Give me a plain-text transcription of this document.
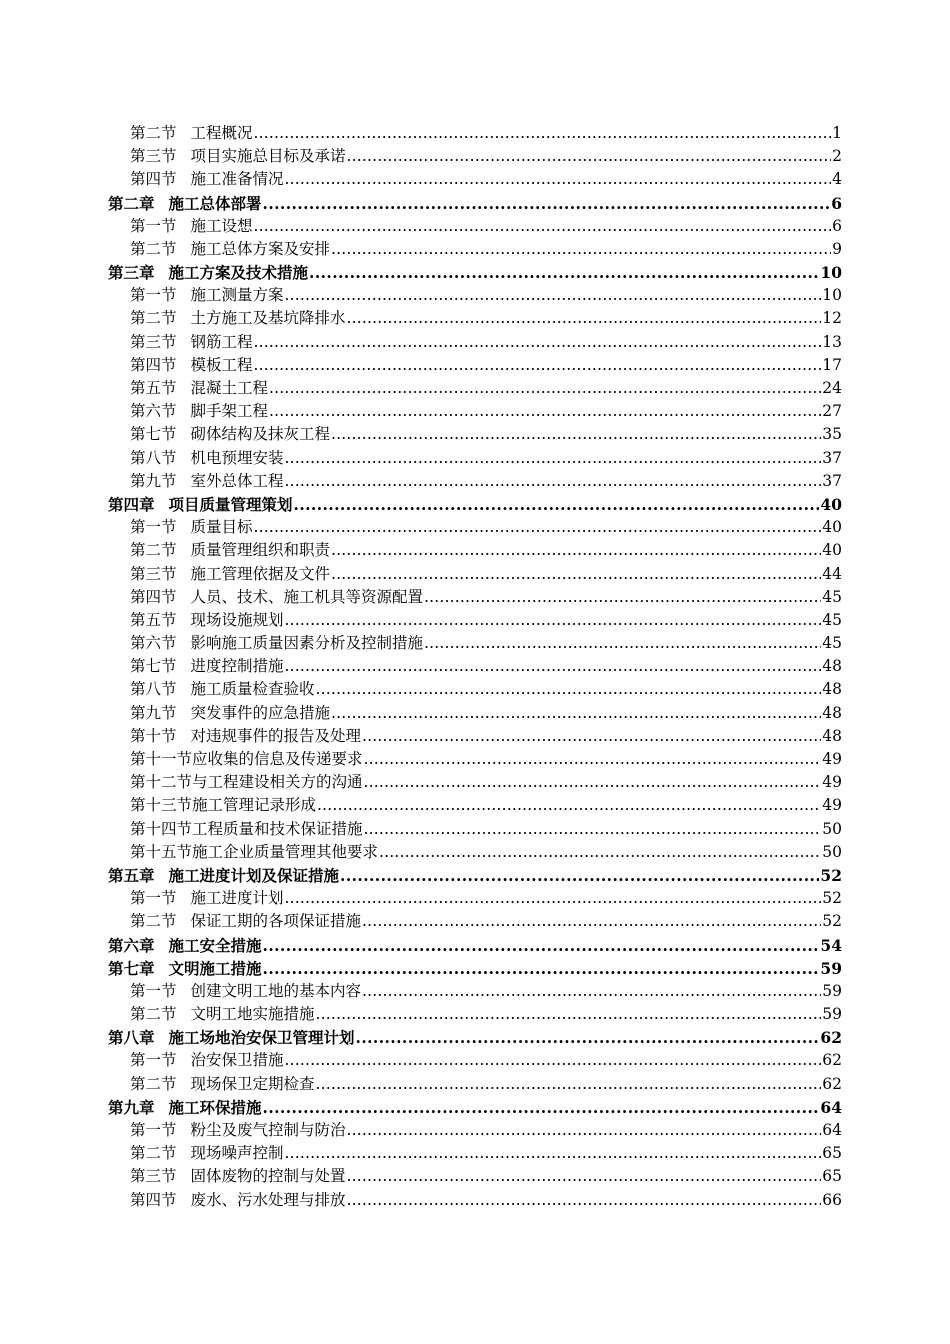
第二节 工程概况 .....	1
第三节 项目实施总目标及承诺 .....	2
第四节 施工准备情况 .....	4
第二章 施工总体部署 .....	6
第一节 施工设想 .....	6
第二节 施工总体方案及安排 .....	9
第三章 施工方案及技术措施 .....	10
第一节 施工测量方案 .....	10
第二节 土方施工及基坑降排水 .....	12
第三节 钢筋工程 .....	13
第四节 模板工程 .....	17
第五节 混凝土工程 .....	24
第六节 脚手架工程 .....	27
第七节 砌体结构及抹灰工程 .....	35
第八节 机电预埋安装 .....	37
第九节 室外总体工程 .....	37
第四章 项目质量管理策划 .....	40
第一节 质量目标 .....	40
第二节 质量管理组织和职责 .....	40
第三节 施工管理依据及文件 .....	44
第四节 人员、技术、施工机具等资源配置 .....	45
第五节 现场设施规划 .....	45
第六节 影响施工质量因素分析及控制措施 .....	45
第七节 进度控制措施 .....	48
第八节 施工质量检查验收 .....	48
第九节 突发事件的应急措施 .....	48
第十节 对违规事件的报告及处理 .....	48
第十一节应收集的信息及传递要求 .....	49
第十二节与工程建设相关方的沟通 .....	49
第十三节施工管理记录形成 .....	49
第十四节工程质量和技术保证措施 .....	50
第十五节施工企业质量管理其他要求 .....	50
第五章 施工进度计划及保证措施 .....	52
第一节 施工进度计划 .....	52
第二节 保证工期的各项保证措施 .....	52
第六章 施工安全措施 .....	54
第七章 文明施工措施 .....	59
第一节 创建文明工地的基本内容 .....	59
第二节 文明工地实施措施 .....	59
第八章 施工场地治安保卫管理计划 .....	62
第一节 治安保卫措施 .....	62
第二节 现场保卫定期检查 .....	62
第九章 施工环保措施 .....	64
第一节 粉尘及废气控制与防治 .....	64
第二节 现场噪声控制 .....	65
第三节 固体废物的控制与处置 .....	65
第四节 废水、污水处理与排放 .....	66
